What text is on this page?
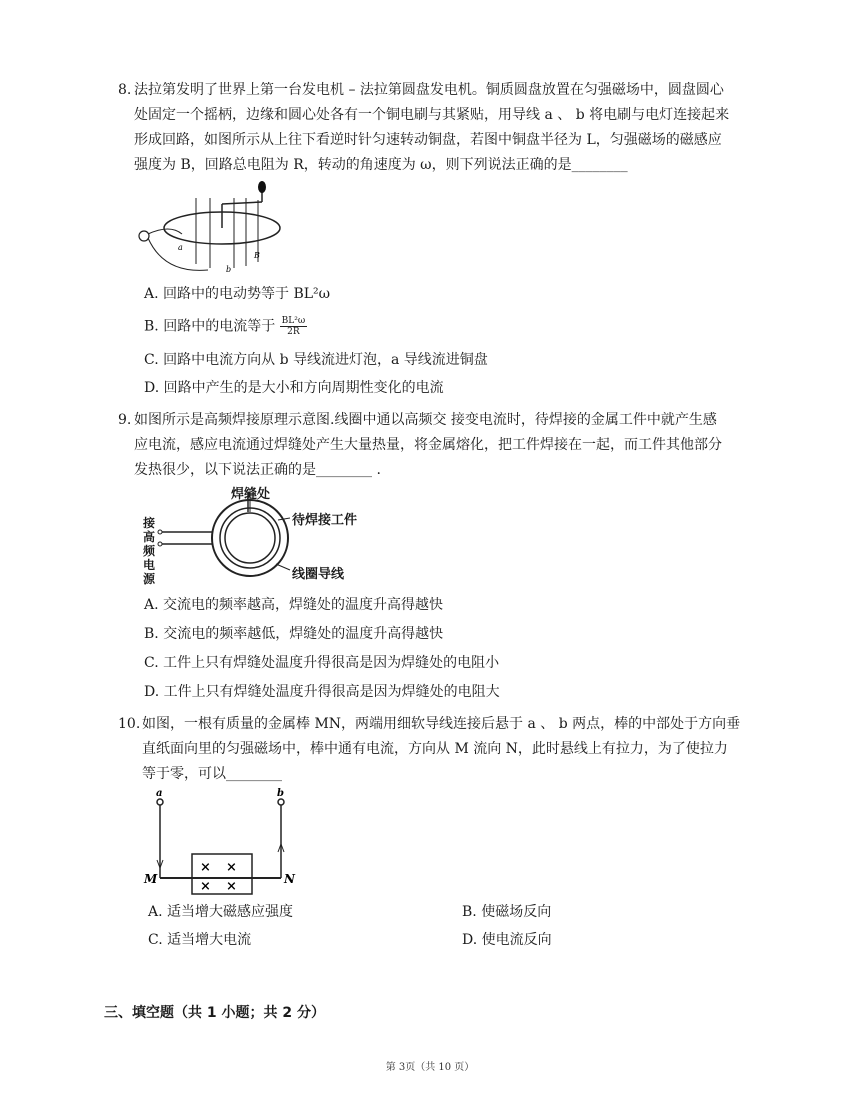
8. 法拉第发明了世界上第一台发电机 – 法拉第圆盘发电机。铜质圆盘放置在匀强磁场中，圆盘圆心

处固定一个摇柄，边缘和圆心处各有一个铜电刷与其紧贴，用导线 a 、 b 将电刷与电灯连接起来

形成回路，如图所示从上往下看逆时针匀速转动铜盘，若图中铜盘半径为 L，匀强磁场的磁感应

强度为 B，回路总电阻为 R，转动的角速度为 ω，则下列说法正确的是________

a
b
B
A. 回路中的电动势等于 BL²ω
B. 回路中的电流等于 $\frac{\text{BL²ω}}{2R}$
C. 回路中电流方向从 b 导线流进灯泡，a 导线流进铜盘
D. 回路中产生的是大小和方向周期性变化的电流
9. 如图所示是高频焊接原理示意图.线圈中通以高频交 接变电流时，待焊接的金属工件中就产生感

应电流，感应电流通过焊缝处产生大量热量，将金属熔化，把工件焊接在一起，而工件其他部分

发热很少，以下说法正确的是________ .

焊缝处
待焊接工件
线圈导线
接
高
频
电
源
A. 交流电的频率越高，焊缝处的温度升高得越快
B. 交流电的频率越低，焊缝处的温度升高得越快
C. 工件上只有焊缝处温度升得很高是因为焊缝处的电阻小
D. 工件上只有焊缝处温度升得很高是因为焊缝处的电阻大
10. 如图，一根有质量的金属棒 MN，两端用细软导线连接后悬于 a 、 b 两点，棒的中部处于方向垂

直纸面向里的匀强磁场中，棒中通有电流，方向从 M 流向 N，此时悬线上有拉力，为了使拉力

等于零，可以________

× ×
× ×
a	b
M	N
A. 适当增大磁感应强度	B. 使磁场反向
C. 适当增大电流	D. 使电流反向
三、填空题（共 1 小题；共 2 分）
第 3页（共 10 页）
